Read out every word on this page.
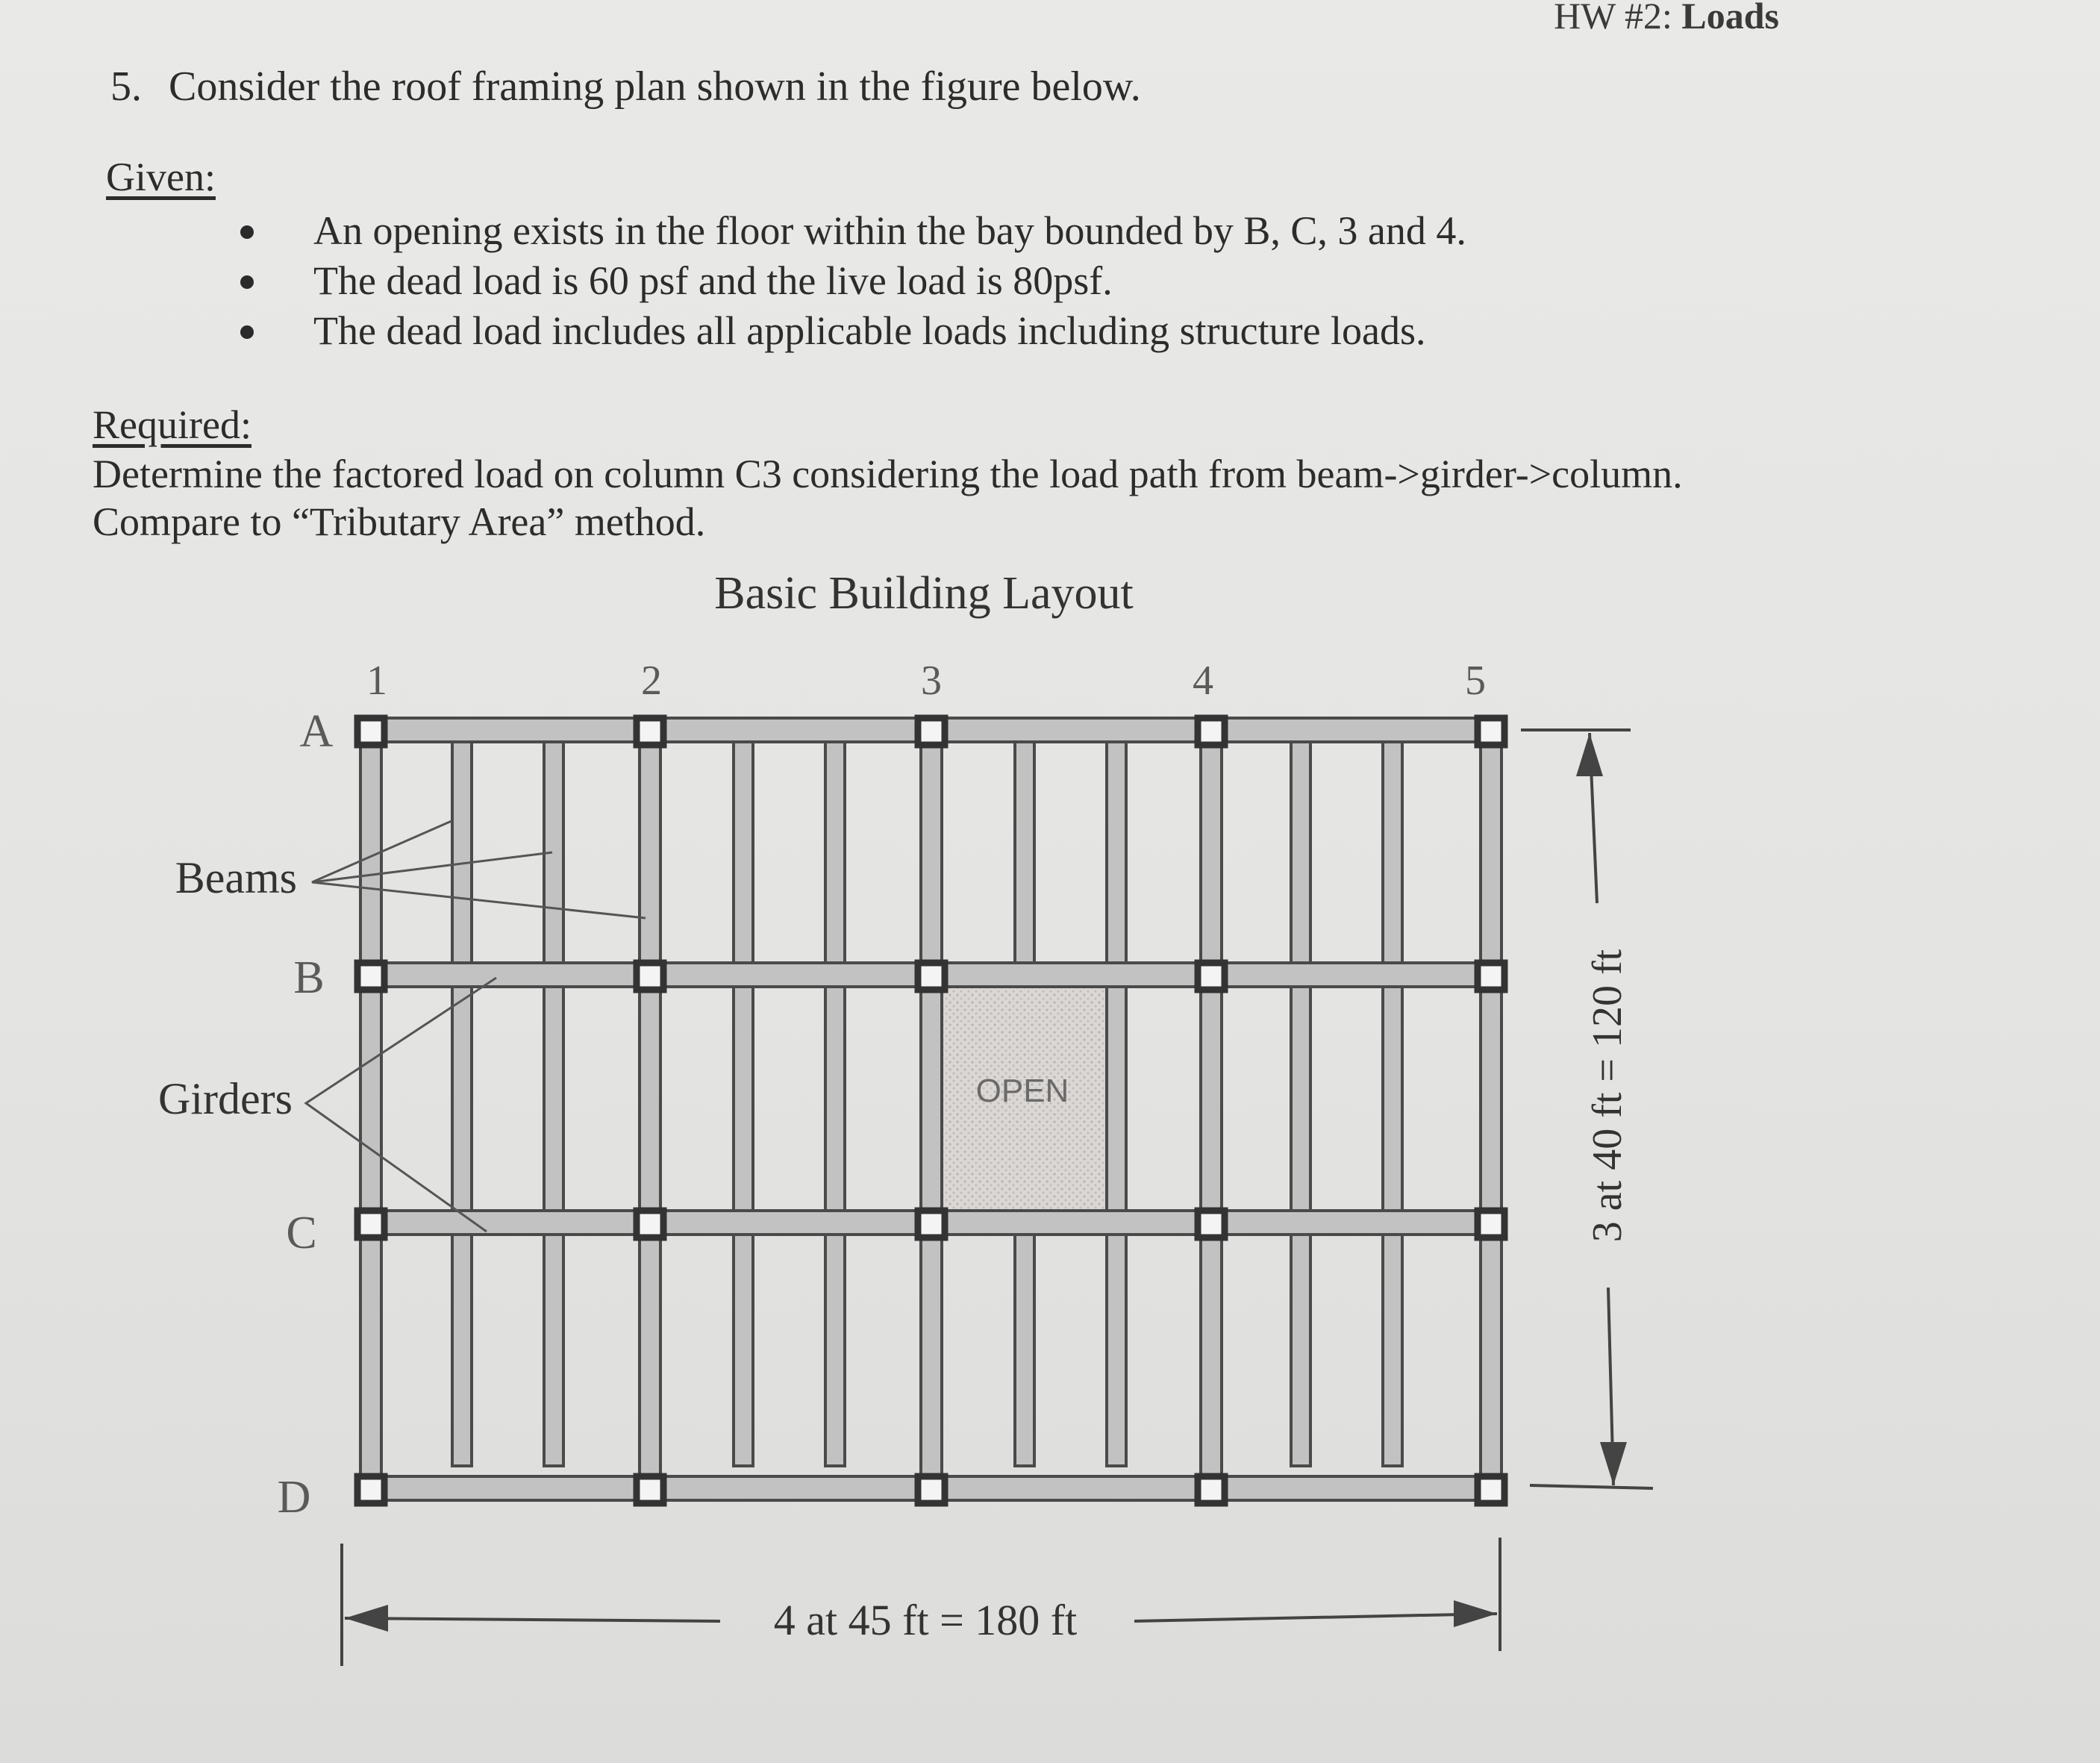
HW #2: Loads
5. Consider the roof framing plan shown in the figure below.
Given:
An opening exists in the floor within the bay bounded by B, C, 3 and 4.
The dead load is 60 psf and the live load is 80psf.
The dead load includes all applicable loads including structure loads.
Required:
Determine the factored load on column C3 considering the load path from beam->girder->column.
Compare to “Tributary Area” method.
Basic Building Layout
OPEN
1	2	3	4	5
A
B
C
D
Beams
Girders
4 at 45 ft = 180 ft
3 at 40 ft = 120 ft
